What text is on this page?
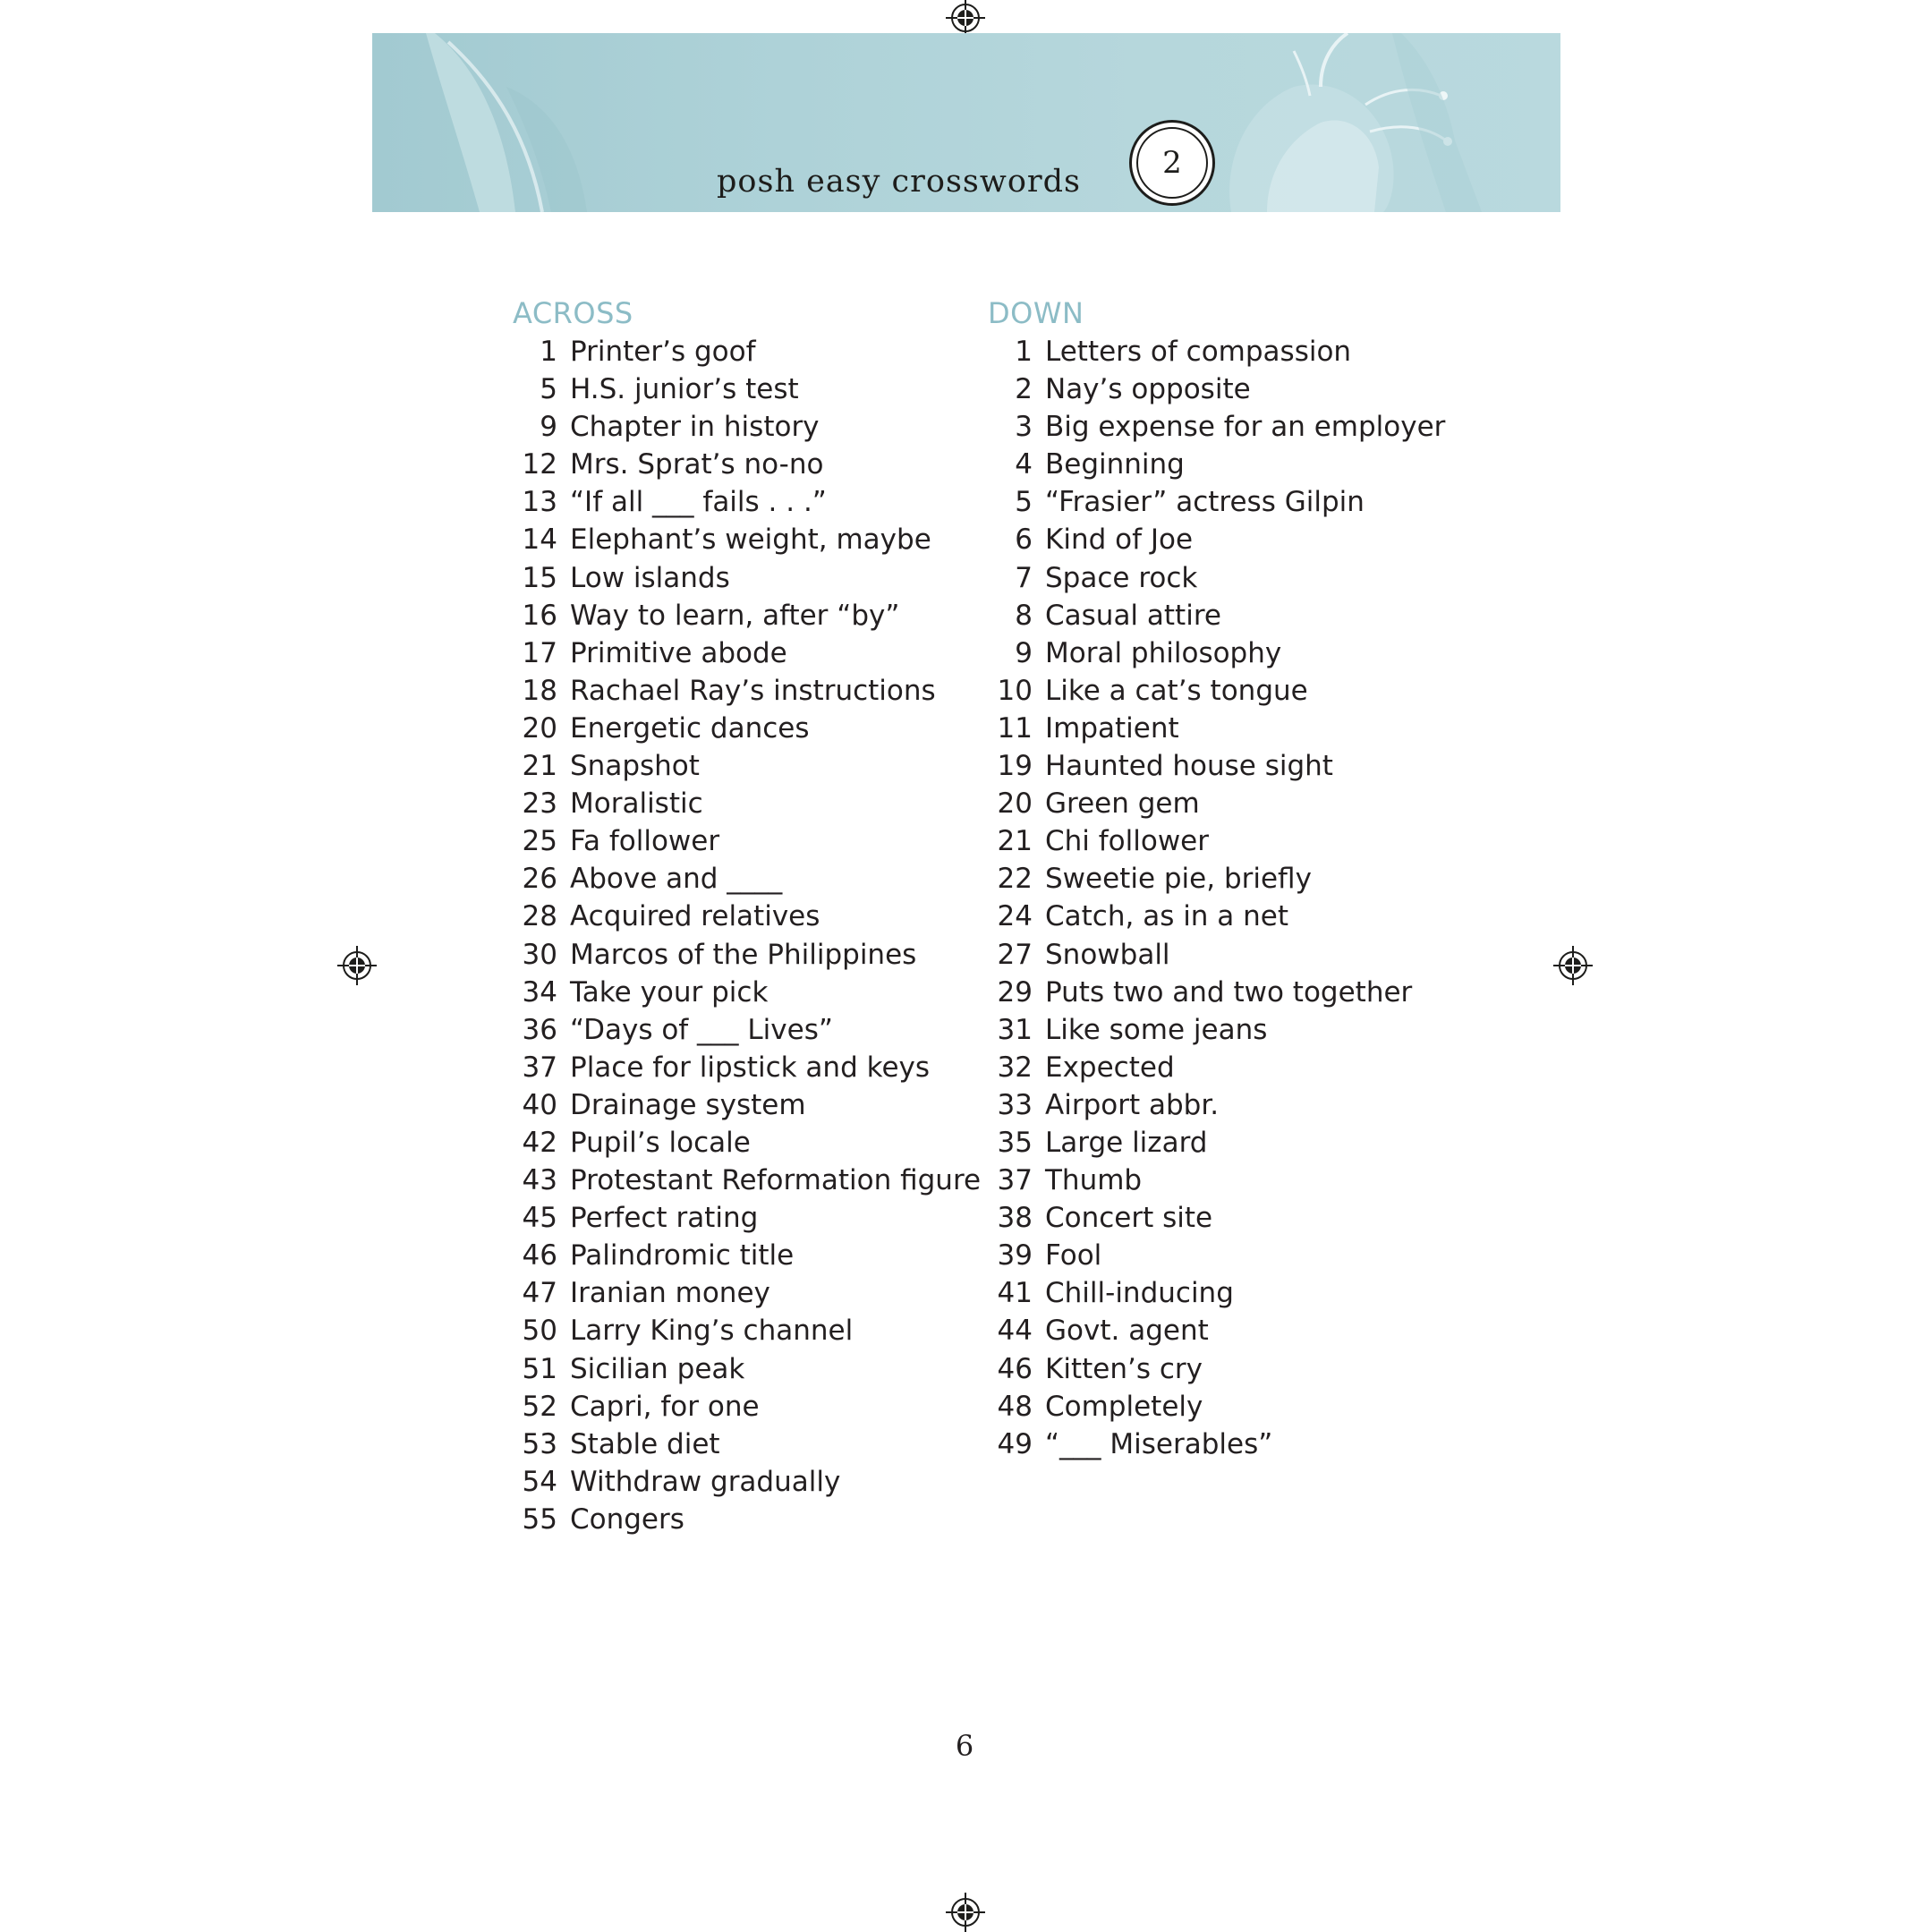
posh easy crosswords
2
ACROSS
1 Printer’s goof
5 H.S. junior’s test
9 Chapter in history
12 Mrs. Sprat’s no-no
13 “If all ___ fails . . .”
14 Elephant’s weight, maybe
15 Low islands
16 Way to learn, after “by”
17 Primitive abode
18 Rachael Ray’s instructions
20 Energetic dances
21 Snapshot
23 Moralistic
25 Fa follower
26 Above and ____
28 Acquired relatives
30 Marcos of the Philippines
34 Take your pick
36 “Days of ___ Lives”
37 Place for lipstick and keys
40 Drainage system
42 Pupil’s locale
43 Protestant Reformation figure
45 Perfect rating
46 Palindromic title
47 Iranian money
50 Larry King’s channel
51 Sicilian peak
52 Capri, for one
53 Stable diet
54 Withdraw gradually
55 Congers
DOWN
1 Letters of compassion
2 Nay’s opposite
3 Big expense for an employer
4 Beginning
5 “Frasier” actress Gilpin
6 Kind of Joe
7 Space rock
8 Casual attire
9 Moral philosophy
10 Like a cat’s tongue
11 Impatient
19 Haunted house sight
20 Green gem
21 Chi follower
22 Sweetie pie, briefly
24 Catch, as in a net
27 Snowball
29 Puts two and two together
31 Like some jeans
32 Expected
33 Airport abbr.
35 Large lizard
37 Thumb
38 Concert site
39 Fool
41 Chill-inducing
44 Govt. agent
46 Kitten’s cry
48 Completely
49 “___ Miserables”
6
